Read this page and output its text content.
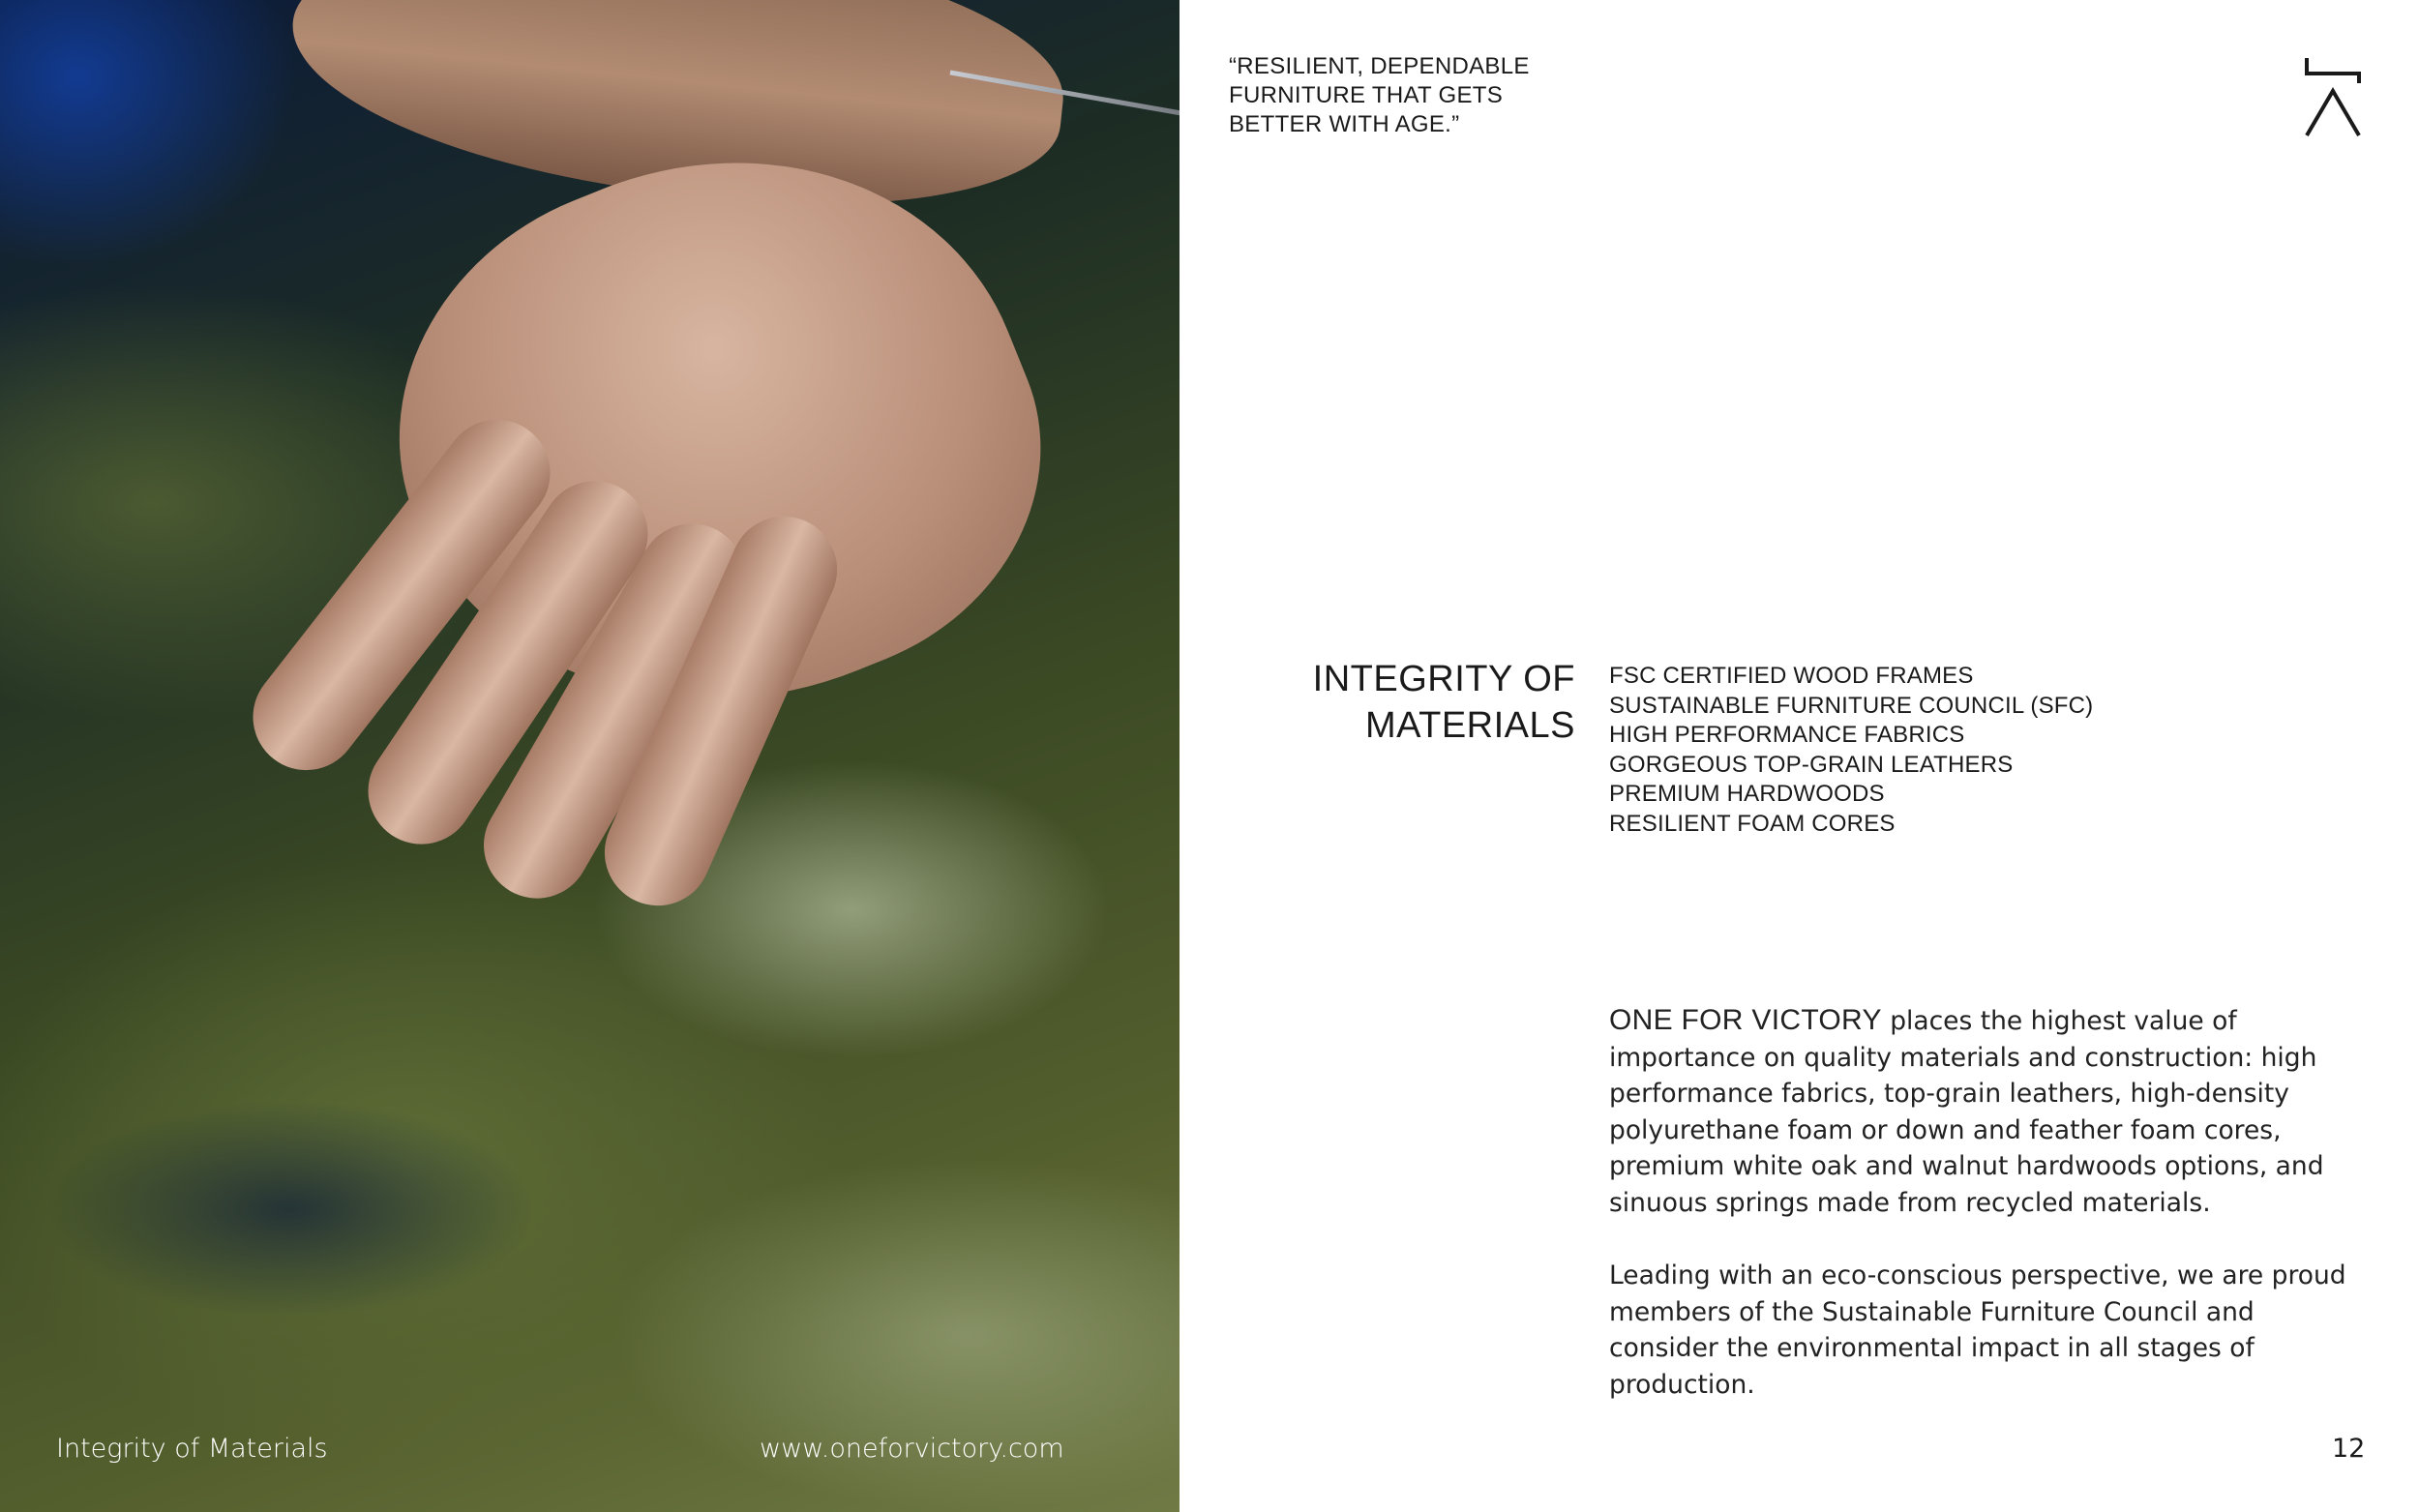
Integrity of Materials	www.oneforvictory.com
“RESILIENT, DEPENDABLE
FURNITURE THAT GETS
BETTER WITH AGE.”
INTEGRITY OF
MATERIALS
FSC CERTIFIED WOOD FRAMES
SUSTAINABLE FURNITURE COUNCIL (SFC)
HIGH PERFORMANCE FABRICS
GORGEOUS TOP-GRAIN LEATHERS
PREMIUM HARDWOODS
RESILIENT FOAM CORES

ONE FOR VICTORY places the highest value of importance on quality materials and construction: high performance fabrics, top-grain leathers, high-density polyurethane foam or down and feather foam cores, premium white oak and walnut hardwoods options, and sinuous springs made from recycled materials.

Leading with an eco-conscious perspective, we are proud members of the Sustainable Furniture Council and consider the environmental impact in all stages of production.

12
